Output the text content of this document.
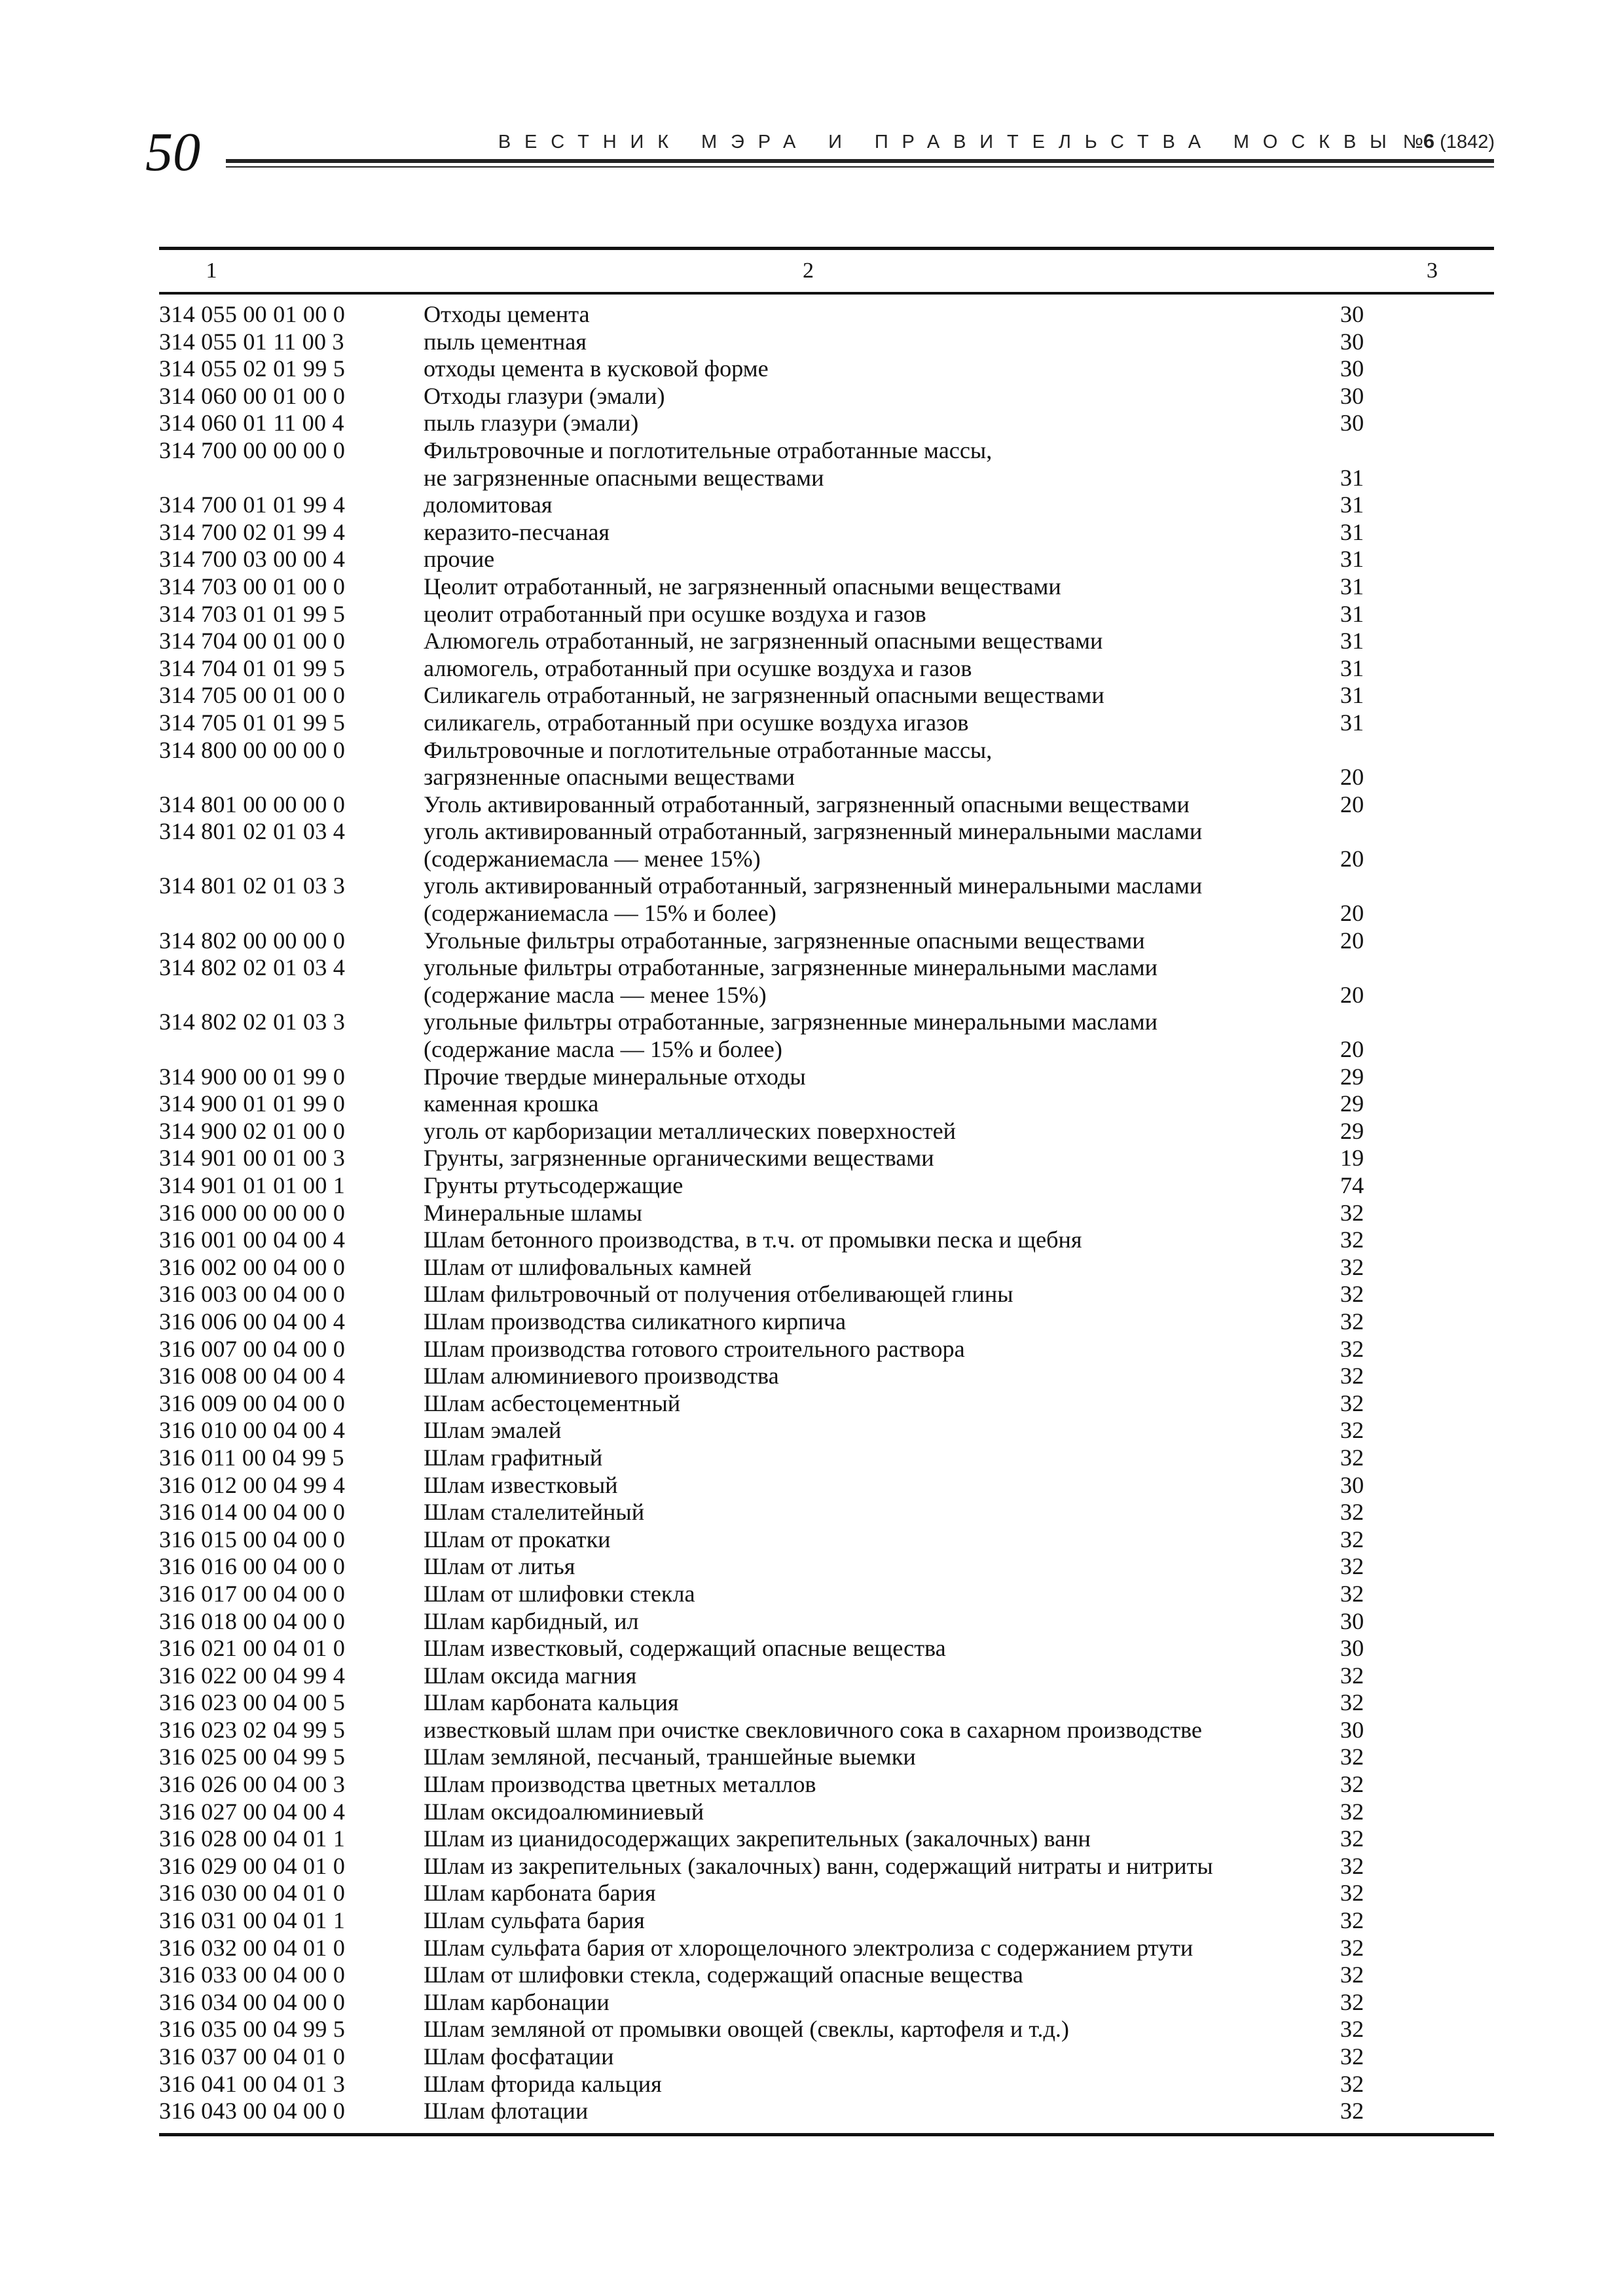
50	ВЕСТНИК МЭРА И ПРАВИТЕЛЬСТВА МОСКВЫ №6 (1842)
1	2	3
314 055 00 01 00 0	Отходы цемента	30
314 055 01 11 00 3	пыль цементная	30
314 055 02 01 99 5	отходы цемента в кусковой форме	30
314 060 00 01 00 0	Отходы глазури (эмали)	30
314 060 01 11 00 4	пыль глазури (эмали)	30
314 700 00 00 00 0	Фильтровочные и поглотительные отработанные массы,
не загрязненные опасными веществами	31
314 700 01 01 99 4	доломитовая	31
314 700 02 01 99 4	керазито-песчаная	31
314 700 03 00 00 4	прочие	31
314 703 00 01 00 0	Цеолит отработанный, не загрязненный опасными веществами	31
314 703 01 01 99 5	цеолит отработанный при осушке воздуха и газов	31
314 704 00 01 00 0	Алюмогель отработанный, не загрязненный опасными веществами	31
314 704 01 01 99 5	алюмогель, отработанный при осушке воздуха и газов	31
314 705 00 01 00 0	Силикагель отработанный, не загрязненный опасными веществами	31
314 705 01 01 99 5	силикагель, отработанный при осушке воздуха игазов	31
314 800 00 00 00 0	Фильтровочные и поглотительные отработанные массы,
загрязненные опасными веществами	20
314 801 00 00 00 0	Уголь активированный отработанный, загрязненный опасными веществами	20
314 801 02 01 03 4	уголь активированный отработанный, загрязненный минеральными маслами
(содержаниемасла — менее 15%)	20
314 801 02 01 03 3	уголь активированный отработанный, загрязненный минеральными маслами
(содержаниемасла — 15% и более)	20
314 802 00 00 00 0	Угольные фильтры отработанные, загрязненные опасными веществами	20
314 802 02 01 03 4	угольные фильтры отработанные, загрязненные минеральными маслами
(содержание масла — менее 15%)	20
314 802 02 01 03 3	угольные фильтры отработанные, загрязненные минеральными маслами
(содержание масла — 15% и более)	20
314 900 00 01 99 0	Прочие твердые минеральные отходы	29
314 900 01 01 99 0	каменная крошка	29
314 900 02 01 00 0	уголь от карборизации металлических поверхностей	29
314 901 00 01 00 3	Грунты, загрязненные органическими веществами	19
314 901 01 01 00 1	Грунты ртутьсодержащие	74
316 000 00 00 00 0	Минеральные шламы	32
316 001 00 04 00 4	Шлам бетонного производства, в т.ч. от промывки песка и щебня	32
316 002 00 04 00 0	Шлам от шлифовальных камней	32
316 003 00 04 00 0	Шлам фильтровочный от получения отбеливающей глины	32
316 006 00 04 00 4	Шлам производства силикатного кирпича	32
316 007 00 04 00 0	Шлам производства готового строительного раствора	32
316 008 00 04 00 4	Шлам алюминиевого производства	32
316 009 00 04 00 0	Шлам асбестоцементный	32
316 010 00 04 00 4	Шлам эмалей	32
316 011 00 04 99 5	Шлам графитный	32
316 012 00 04 99 4	Шлам известковый	30
316 014 00 04 00 0	Шлам сталелитейный	32
316 015 00 04 00 0	Шлам от прокатки	32
316 016 00 04 00 0	Шлам от литья	32
316 017 00 04 00 0	Шлам от шлифовки стекла	32
316 018 00 04 00 0	Шлам карбидный, ил	30
316 021 00 04 01 0	Шлам известковый, содержащий опасные вещества	30
316 022 00 04 99 4	Шлам оксида магния	32
316 023 00 04 00 5	Шлам карбоната кальция	32
316 023 02 04 99 5	известковый шлам при очистке свекловичного сока в сахарном производстве	30
316 025 00 04 99 5	Шлам земляной, песчаный, траншейные выемки	32
316 026 00 04 00 3	Шлам производства цветных металлов	32
316 027 00 04 00 4	Шлам оксидоалюминиевый	32
316 028 00 04 01 1	Шлам из цианидосодержащих закрепительных (закалочных) ванн	32
316 029 00 04 01 0	Шлам из закрепительных (закалочных) ванн, содержащий нитраты и нитриты	32
316 030 00 04 01 0	Шлам карбоната бария	32
316 031 00 04 01 1	Шлам сульфата бария	32
316 032 00 04 01 0	Шлам сульфата бария от хлорощелочного электролиза с содержанием ртути	32
316 033 00 04 00 0	Шлам от шлифовки стекла, содержащий опасные вещества	32
316 034 00 04 00 0	Шлам карбонации	32
316 035 00 04 99 5	Шлам земляной от промывки овощей (свеклы, картофеля и т.д.)	32
316 037 00 04 01 0	Шлам фосфатации	32
316 041 00 04 01 3	Шлам фторида кальция	32
316 043 00 04 00 0	Шлам флотации	32
